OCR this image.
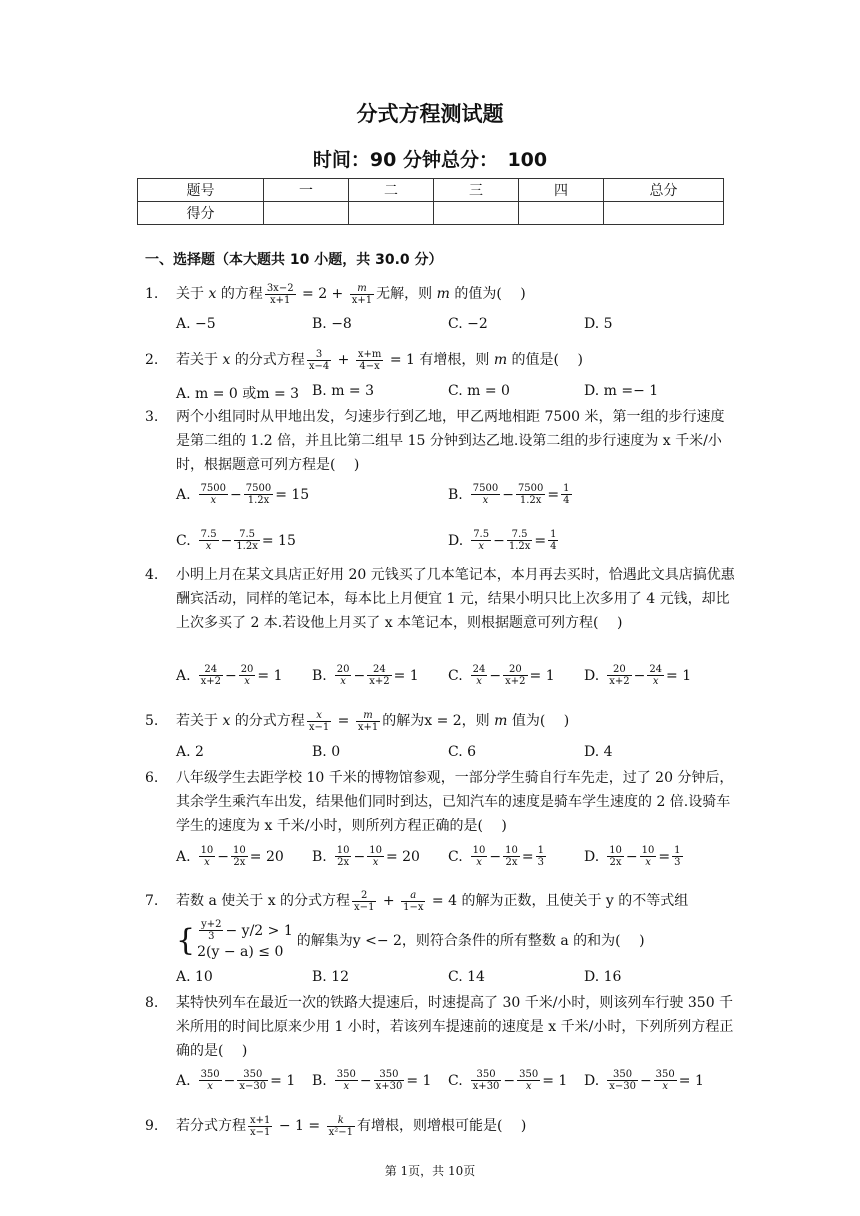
分式方程测试题
时间：90 分钟总分：　100
题号	一	二	三	四	总分
得分					
一、选择题（本大题共 10 小题，共 30.0 分）
1.	关于 x 的方程 $\frac{3x-2}{x+1} = 2 + \frac{m}{x+1}$ 无解，则 m 的值为(　 )
A. −5	B. −8	C. −2	D. 5
2.	若关于 x 的分式方程 $\frac{3}{x-4} + \frac{x+m}{4-x} = 1$ 有增根，则 m 的值是(　 )
A. m = 0 或m = 3 B. m = 3	C. m = 0	D. m =− 1
3.	两个小组同时从甲地出发，匀速步行到乙地，甲乙两地相距 7500 米，第一组的步行速度是第二组的 1.2 倍，并且比第二组早 15 分钟到达乙地.设第二组的步行速度为 x 千米/小时，根据题意可列方程是(　 )
A. $\frac{7500}{x} - \frac{7500}{1.2x} = 15$	B. $\frac{7500}{x} - \frac{7500}{1.2x} = \frac{1}{4}$
C. $\frac{7.5}{x} - \frac{7.5}{1.2x} = 15$	D. $\frac{7.5}{x} - \frac{7.5}{1.2x} = \frac{1}{4}$
4.	小明上月在某文具店正好用 20 元钱买了几本笔记本，本月再去买时，恰遇此文具店搞优惠酬宾活动，同样的笔记本，每本比上月便宜 1 元，结果小明只比上次多用了 4 元钱，却比上次多买了 2 本.若设他上月买了 x 本笔记本，则根据题意可列方程(　 )
A. $\frac{24}{x+2} - \frac{20}{x} = 1$ B. $\frac{20}{x} - \frac{24}{x+2} = 1$ C. $\frac{24}{x} - \frac{20}{x+2} = 1$ D. $\frac{20}{x+2} - \frac{24}{x} = 1$
5.	若关于 x 的分式方程 $\frac{x}{x-1} = \frac{m}{x+1}$ 的解为x = 2，则 m 值为(　 )
A. 2	B. 0	C. 6	D. 4
6.	八年级学生去距学校 10 千米的博物馆参观，一部分学生骑自行车先走，过了 20 分钟后，其余学生乘汽车出发，结果他们同时到达，已知汽车的速度是骑车学生速度的 2 倍.设骑车学生的速度为 x 千米/小时，则所列方程正确的是(　 )
A. $\frac{10}{x} - \frac{10}{2x} = 20$ B. $\frac{10}{2x} - \frac{10}{x} = 20$ C. $\frac{10}{x} - \frac{10}{2x} = \frac{1}{3}$	D. $\frac{10}{2x} - \frac{10}{x} = \frac{1}{3}$
7.	若数 a 使关于 x 的分式方程 $\frac{2}{x-1} + \frac{a}{1-x} = 4$ 的解为正数，且使关于 y 的不等式组
{ $\frac{y+2}{3} - y/2 > 1$
2(y − a) ≤ 0
的解集为y <− 2，则符合条件的所有整数 a 的和为(　 )
A. 10	B. 12	C. 14	D. 16
8.	某特快列车在最近一次的铁路大提速后，时速提高了 30 千米/小时，则该列车行驶 350 千米所用的时间比原来少用 1 小时，若该列车提速前的速度是 x 千米/小时，下列所列方程正确的是(　 )
A. $\frac{350}{x} - \frac{350}{x-30} = 1$ B. $\frac{350}{x} - \frac{350}{x+30} = 1$ C. $\frac{350}{x+30} - \frac{350}{x} = 1$ D. $\frac{350}{x-30} - \frac{350}{x} = 1$
9.	若分式方程 $\frac{x+1}{x-1} - 1 = \frac{k}{\text{x²−1}}$ 有增根，则增根可能是(　 )
第 1页，共 10页
